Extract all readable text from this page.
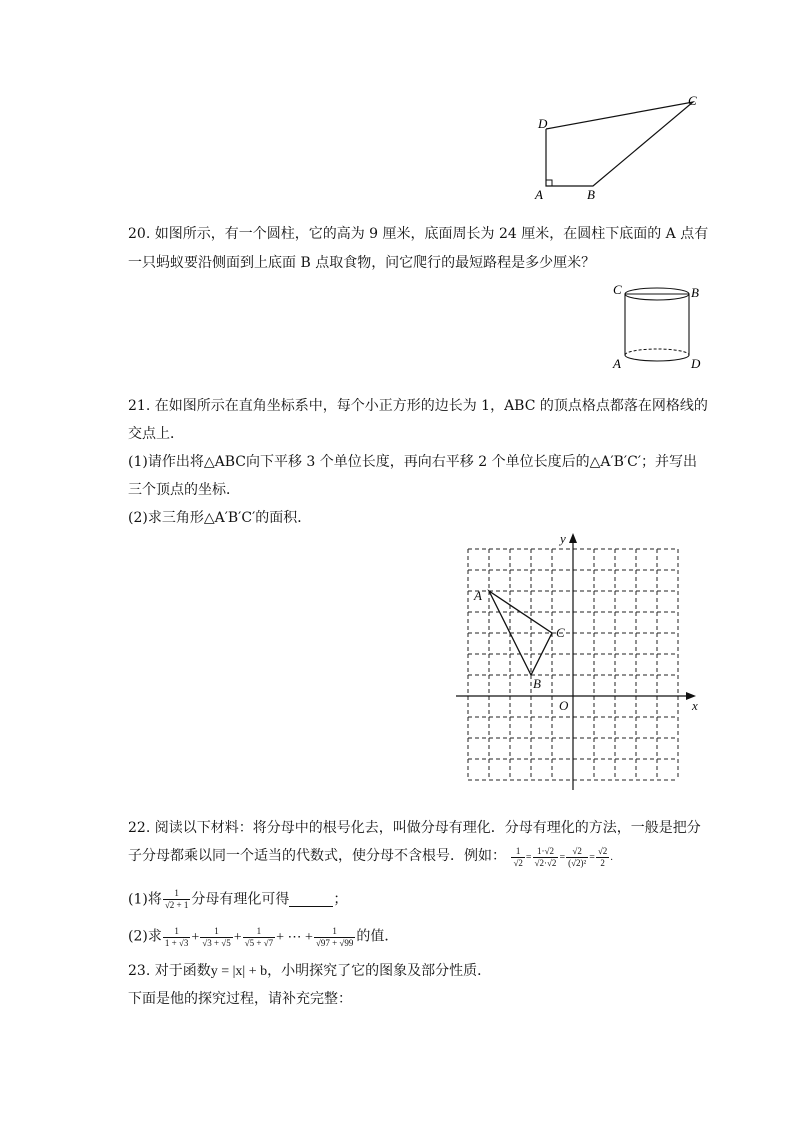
D
C
A	B
20. 如图所示，有一个圆柱，它的高为 9 厘米，底面周长为 24 厘米，在圆柱下底面的 A 点有
一只蚂蚁要沿侧面到上底面 B 点取食物，问它爬行的最短路程是多少厘米？
C	B
A	D
21. 在如图所示在直角坐标系中，每个小正方形的边长为 1，ABC 的顶点格点都落在网格线的
交点上．
(1)请作出将△ABC向下平移 3 个单位长度，再向右平移 2 个单位长度后的△A′B′C′；并写出
三个顶点的坐标．
(2)求三角形△A′B′C′的面积．
A
B
C
O	x
y
22. 阅读以下材料：将分母中的根号化去，叫做分母有理化．分母有理化的方法，一般是把分
子分母都乘以同一个适当的代数式，使分母不含根号．例如： $\frac{1}{√2} = \frac{1\cdot√2}{√2\cdot√2} = \frac{√2}{\text{(√2)²}} = \frac{√2}{2}$ .
(1)将 $\frac{1}{√2 + 1}$ 分母有理化可得	；
(2)求 $\frac{1}{1 + √3} + \frac{1}{√3 + √5} + \frac{1}{√5 + √7}$ + ⋯ + $\frac{1}{√97 + √99}$ 的值．
23. 对于函数y = |x| + b，小明探究了它的图象及部分性质．
下面是他的探究过程，请补充完整：
